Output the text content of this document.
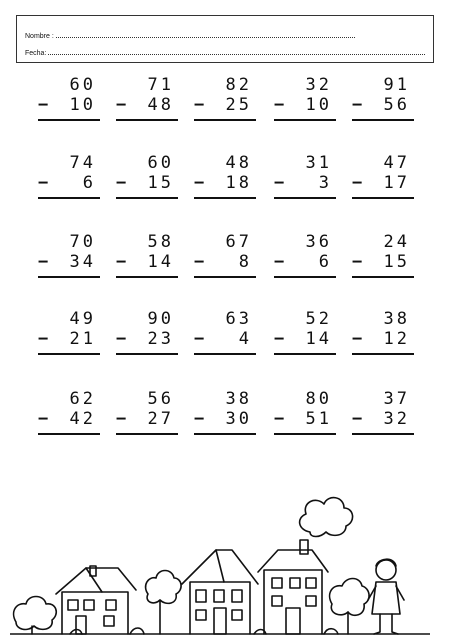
Nombre :
Fecha:
60
− 10
71
− 48
82
− 25
32
− 10
91
− 56
74
− 6
60
− 15
48
− 18
31
− 3
47
− 17
70
− 34
58
− 14
67
− 8
36
− 6
24
− 15
49
− 21
90
− 23
63
− 4
52
− 14
38
− 12
62
− 42
56
− 27
38
− 30
80
− 51
37
− 32
